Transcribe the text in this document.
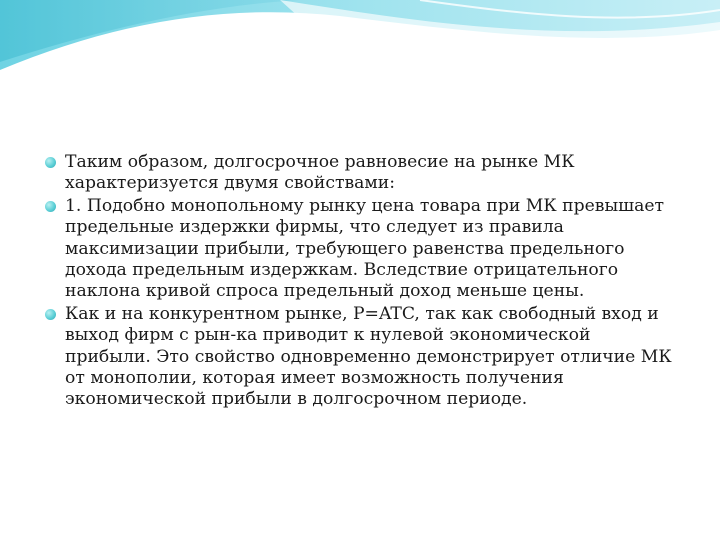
Таким образом, долгосрочное равновесие на рынке МК характеризуется двумя свойствами:
1. Подобно монопольному рынку цена товара при МК превышает предельные издержки фирмы, что следует из правила максимизации прибыли, требующего равенства предельного дохода предельным издержкам. Вследствие отрицательного наклона кривой спроса предельный доход меньше цены.
Как и на конкурентном рынке, P=ATC, так как свободный вход и выход фирм с рын-ка приводит к нулевой экономической прибыли. Это свойство одновременно демонстрирует отличие МК от монополии, которая имеет возможность получения экономической прибыли в долгосрочном периоде.
